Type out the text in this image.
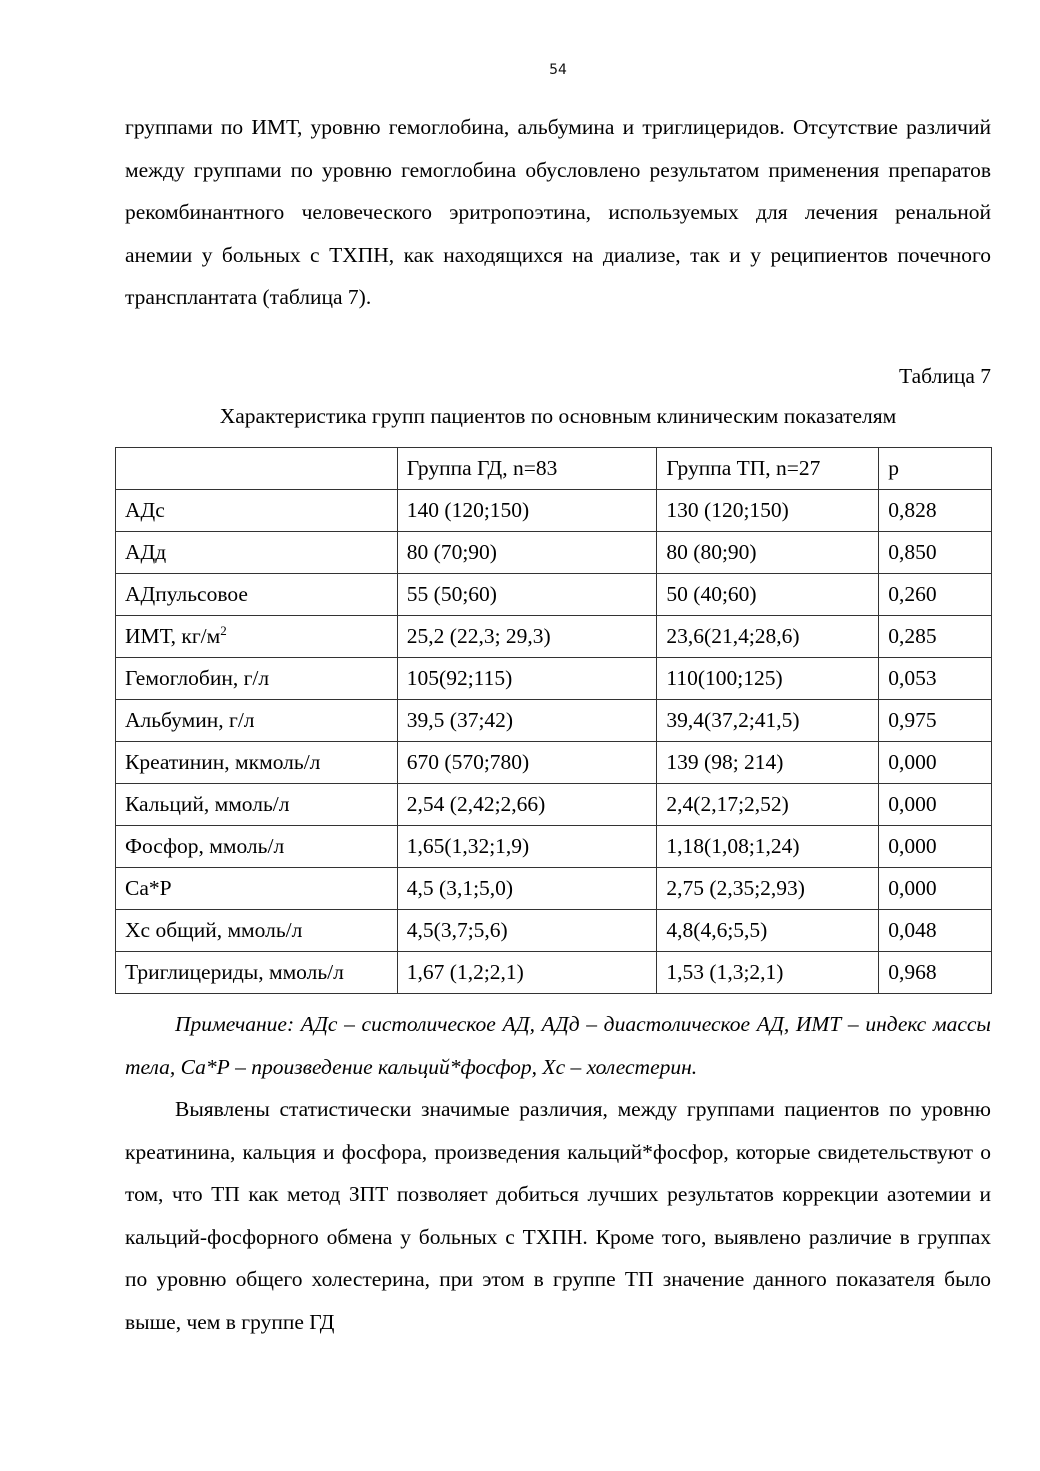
54
группами по ИМТ, уровню гемоглобина, альбумина и триглицеридов. Отсутствие различий между группами по уровню гемоглобина обусловлено результатом применения препаратов рекомбинантного человеческого эритропоэтина, используемых для лечения ренальной анемии у больных с ТХПН, как находящихся на диализе, так и у реципиентов почечного трансплантата (таблица 7).
Таблица 7
Характеристика групп пациентов по основным клиническим показателям
	Группа ГД, n=83	Группа ТП, n=27	p
АДс	140 (120;150)	130 (120;150)	0,828
АДд	80 (70;90)	80 (80;90)	0,850
АДпульсовое	55 (50;60)	50 (40;60)	0,260
ИМТ, $кг/м^2$	25,2 (22,3; 29,3)	23,6(21,4;28,6)	0,285
Гемоглобин, г/л	105(92;115)	110(100;125)	0,053
Альбумин, г/л	39,5 (37;42)	39,4(37,2;41,5)	0,975
Креатинин, мкмоль/л	670 (570;780)	139 (98; 214)	0,000
Кальций, ммоль/л	2,54 (2,42;2,66)	2,4(2,17;2,52)	0,000
Фосфор, ммоль/л	1,65(1,32;1,9)	1,18(1,08;1,24)	0,000
Са*Р	4,5 (3,1;5,0)	2,75 (2,35;2,93)	0,000
Хс общий, ммоль/л	4,5(3,7;5,6)	4,8(4,6;5,5)	0,048
Триглицериды, ммоль/л	1,67 (1,2;2,1)	1,53 (1,3;2,1)	0,968
Примечание: АДс – систолическое АД, АДд – диастолическое АД, ИМТ – индекс массы тела, Са*Р – произведение кальций*фосфор, Хс – холестерин.
Выявлены статистически значимые различия, между группами пациентов по уровню креатинина, кальция и фосфора, произведения кальций*фосфор, которые свидетельствуют о том, что ТП как метод ЗПТ позволяет добиться лучших результатов коррекции азотемии и кальций-фосфорного обмена у больных с ТХПН. Кроме того, выявлено различие в группах по уровню общего холестерина, при этом в группе ТП значение данного показателя было выше, чем в группе ГД
